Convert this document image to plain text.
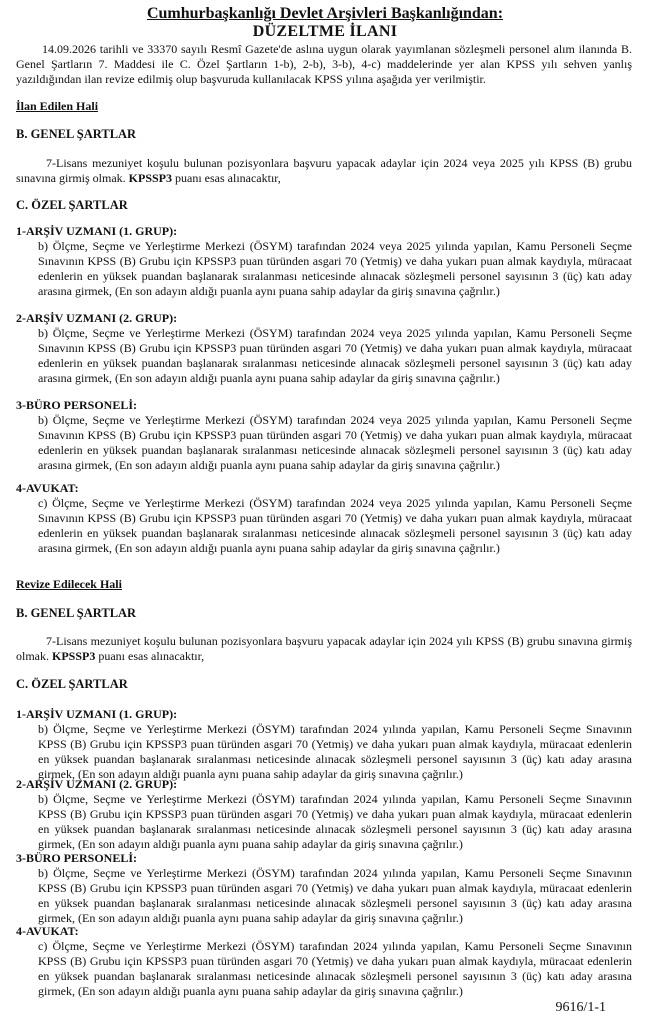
Cumhurbaşkanlığı Devlet Arşivleri Başkanlığından:
DÜZELTME İLANI
14.09.2026 tarihli ve 33370 sayılı Resmî Gazete'de aslına uygun olarak yayımlanan sözleşmeli personel alım ilanında B. Genel Şartların 7. Maddesi ile C. Özel Şartların 1-b), 2-b), 3-b), 4-c) maddelerinde yer alan KPSS yılı sehven yanlış yazıldığından ilan revize edilmiş olup başvuruda kullanılacak KPSS yılına aşağıda yer verilmiştir.
İlan Edilen Hali
B. GENEL ŞARTLAR
7-Lisans mezuniyet koşulu bulunan pozisyonlara başvuru yapacak adaylar için 2024 veya 2025 yılı KPSS (B) grubu sınavına girmiş olmak. KPSSP3 puanı esas alınacaktır,
C. ÖZEL ŞARTLAR
1-ARŞİV UZMANI (1. GRUP):
b) Ölçme, Seçme ve Yerleştirme Merkezi (ÖSYM) tarafından 2024 veya 2025 yılında yapılan, Kamu Personeli Seçme Sınavının KPSS (B) Grubu için KPSSP3 puan türünden asgari 70 (Yetmiş) ve daha yukarı puan almak kaydıyla, müracaat edenlerin en yüksek puandan başlanarak sıralanması neticesinde alınacak sözleşmeli personel sayısının 3 (üç) katı aday arasına girmek, (En son adayın aldığı puanla aynı puana sahip adaylar da giriş sınavına çağrılır.)
2-ARŞİV UZMANI (2. GRUP):
b) Ölçme, Seçme ve Yerleştirme Merkezi (ÖSYM) tarafından 2024 veya 2025 yılında yapılan, Kamu Personeli Seçme Sınavının KPSS (B) Grubu için KPSSP3 puan türünden asgari 70 (Yetmiş) ve daha yukarı puan almak kaydıyla, müracaat edenlerin en yüksek puandan başlanarak sıralanması neticesinde alınacak sözleşmeli personel sayısının 3 (üç) katı aday arasına girmek, (En son adayın aldığı puanla aynı puana sahip adaylar da giriş sınavına çağrılır.)
3-BÜRO PERSONELİ:
b) Ölçme, Seçme ve Yerleştirme Merkezi (ÖSYM) tarafından 2024 veya 2025 yılında yapılan, Kamu Personeli Seçme Sınavının KPSS (B) Grubu için KPSSP3 puan türünden asgari 70 (Yetmiş) ve daha yukarı puan almak kaydıyla, müracaat edenlerin en yüksek puandan başlanarak sıralanması neticesinde alınacak sözleşmeli personel sayısının 3 (üç) katı aday arasına girmek, (En son adayın aldığı puanla aynı puana sahip adaylar da giriş sınavına çağrılır.)
4-AVUKAT:
c) Ölçme, Seçme ve Yerleştirme Merkezi (ÖSYM) tarafından 2024 veya 2025 yılında yapılan, Kamu Personeli Seçme Sınavının KPSS (B) Grubu için KPSSP3 puan türünden asgari 70 (Yetmiş) ve daha yukarı puan almak kaydıyla, müracaat edenlerin en yüksek puandan başlanarak sıralanması neticesinde alınacak sözleşmeli personel sayısının 3 (üç) katı aday arasına girmek, (En son adayın aldığı puanla aynı puana sahip adaylar da giriş sınavına çağrılır.)
Revize Edilecek Hali
B. GENEL ŞARTLAR
7-Lisans mezuniyet koşulu bulunan pozisyonlara başvuru yapacak adaylar için 2024 yılı KPSS (B) grubu sınavına girmiş olmak. KPSSP3 puanı esas alınacaktır,
C. ÖZEL ŞARTLAR
1-ARŞİV UZMANI (1. GRUP):
b) Ölçme, Seçme ve Yerleştirme Merkezi (ÖSYM) tarafından 2024 yılında yapılan, Kamu Personeli Seçme Sınavının KPSS (B) Grubu için KPSSP3 puan türünden asgari 70 (Yetmiş) ve daha yukarı puan almak kaydıyla, müracaat edenlerin en yüksek puandan başlanarak sıralanması neticesinde alınacak sözleşmeli personel sayısının 3 (üç) katı aday arasına girmek, (En son adayın aldığı puanla aynı puana sahip adaylar da giriş sınavına çağrılır.)
2-ARŞİV UZMANI (2. GRUP):
b) Ölçme, Seçme ve Yerleştirme Merkezi (ÖSYM) tarafından 2024 yılında yapılan, Kamu Personeli Seçme Sınavının KPSS (B) Grubu için KPSSP3 puan türünden asgari 70 (Yetmiş) ve daha yukarı puan almak kaydıyla, müracaat edenlerin en yüksek puandan başlanarak sıralanması neticesinde alınacak sözleşmeli personel sayısının 3 (üç) katı aday arasına girmek, (En son adayın aldığı puanla aynı puana sahip adaylar da giriş sınavına çağrılır.)
3-BÜRO PERSONELİ:
b) Ölçme, Seçme ve Yerleştirme Merkezi (ÖSYM) tarafından 2024 yılında yapılan, Kamu Personeli Seçme Sınavının KPSS (B) Grubu için KPSSP3 puan türünden asgari 70 (Yetmiş) ve daha yukarı puan almak kaydıyla, müracaat edenlerin en yüksek puandan başlanarak sıralanması neticesinde alınacak sözleşmeli personel sayısının 3 (üç) katı aday arasına girmek, (En son adayın aldığı puanla aynı puana sahip adaylar da giriş sınavına çağrılır.)
4-AVUKAT:
c) Ölçme, Seçme ve Yerleştirme Merkezi (ÖSYM) tarafından 2024 yılında yapılan, Kamu Personeli Seçme Sınavının KPSS (B) Grubu için KPSSP3 puan türünden asgari 70 (Yetmiş) ve daha yukarı puan almak kaydıyla, müracaat edenlerin en yüksek puandan başlanarak sıralanması neticesinde alınacak sözleşmeli personel sayısının 3 (üç) katı aday arasına girmek, (En son adayın aldığı puanla aynı puana sahip adaylar da giriş sınavına çağrılır.)
9616/1-1
